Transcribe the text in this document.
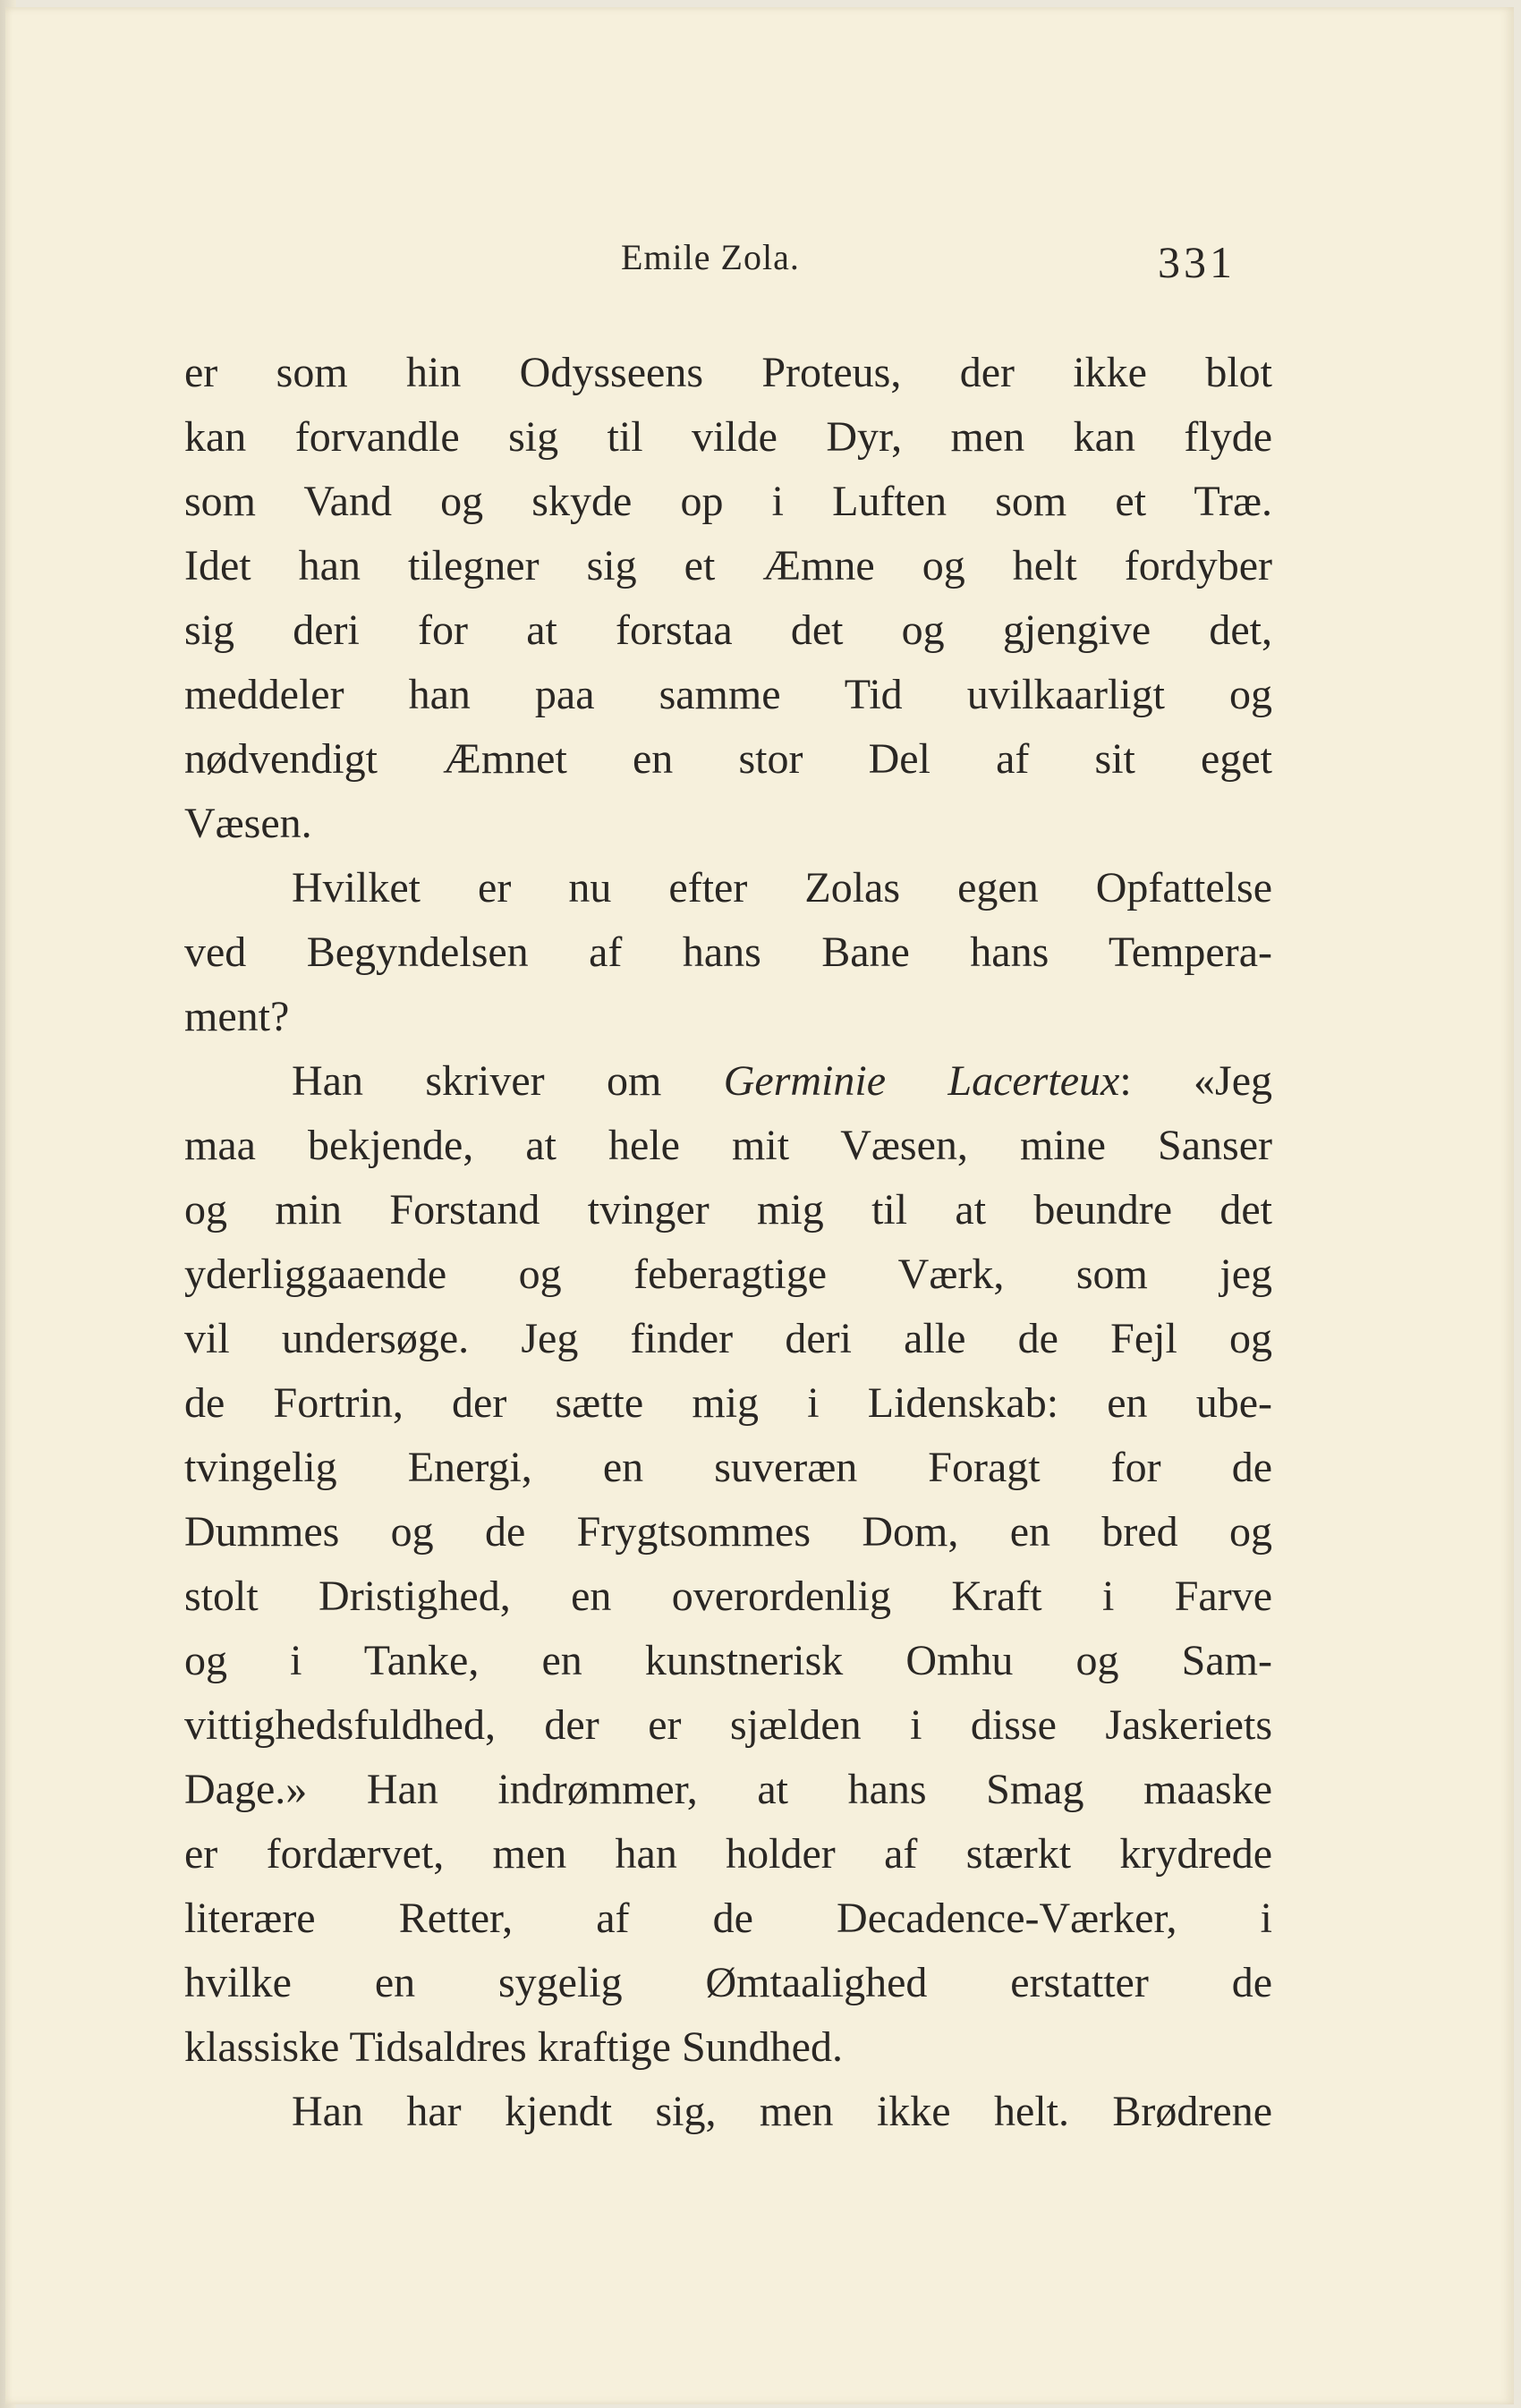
Emile Zola.	331
er som hin Odysseens Proteus, der ikke blot
kan forvandle sig til vilde Dyr, men kan flyde
som Vand og skyde op i Luften som et Træ.
Idet han tilegner sig et Æmne og helt fordyber
sig deri for at forstaa det og gjengive det,
meddeler han paa samme Tid uvilkaarligt og
nødvendigt Æmnet en stor Del af sit eget
Væsen.
Hvilket er nu efter Zolas egen Opfattelse
ved Begyndelsen af hans Bane hans Tempera-
ment?
Han skriver om Germinie Lacerteux: «Jeg
maa bekjende, at hele mit Væsen, mine Sanser
og min Forstand tvinger mig til at beundre det
yderliggaaende og feberagtige Værk, som jeg
vil undersøge. Jeg finder deri alle de Fejl og
de Fortrin, der sætte mig i Lidenskab: en ube-
tvingelig Energi, en suveræn Foragt for de
Dummes og de Frygtsommes Dom, en bred og
stolt Dristighed, en overordenlig Kraft i Farve
og i Tanke, en kunstnerisk Omhu og Sam-
vittighedsfuldhed, der er sjælden i disse Jaskeriets
Dage.» Han indrømmer, at hans Smag maaske
er fordærvet, men han holder af stærkt krydrede
literære Retter, af de Decadence-Værker, i
hvilke en sygelig Ømtaalighed erstatter de
klassiske Tidsaldres kraftige Sundhed.
Han har kjendt sig, men ikke helt. Brødrene
